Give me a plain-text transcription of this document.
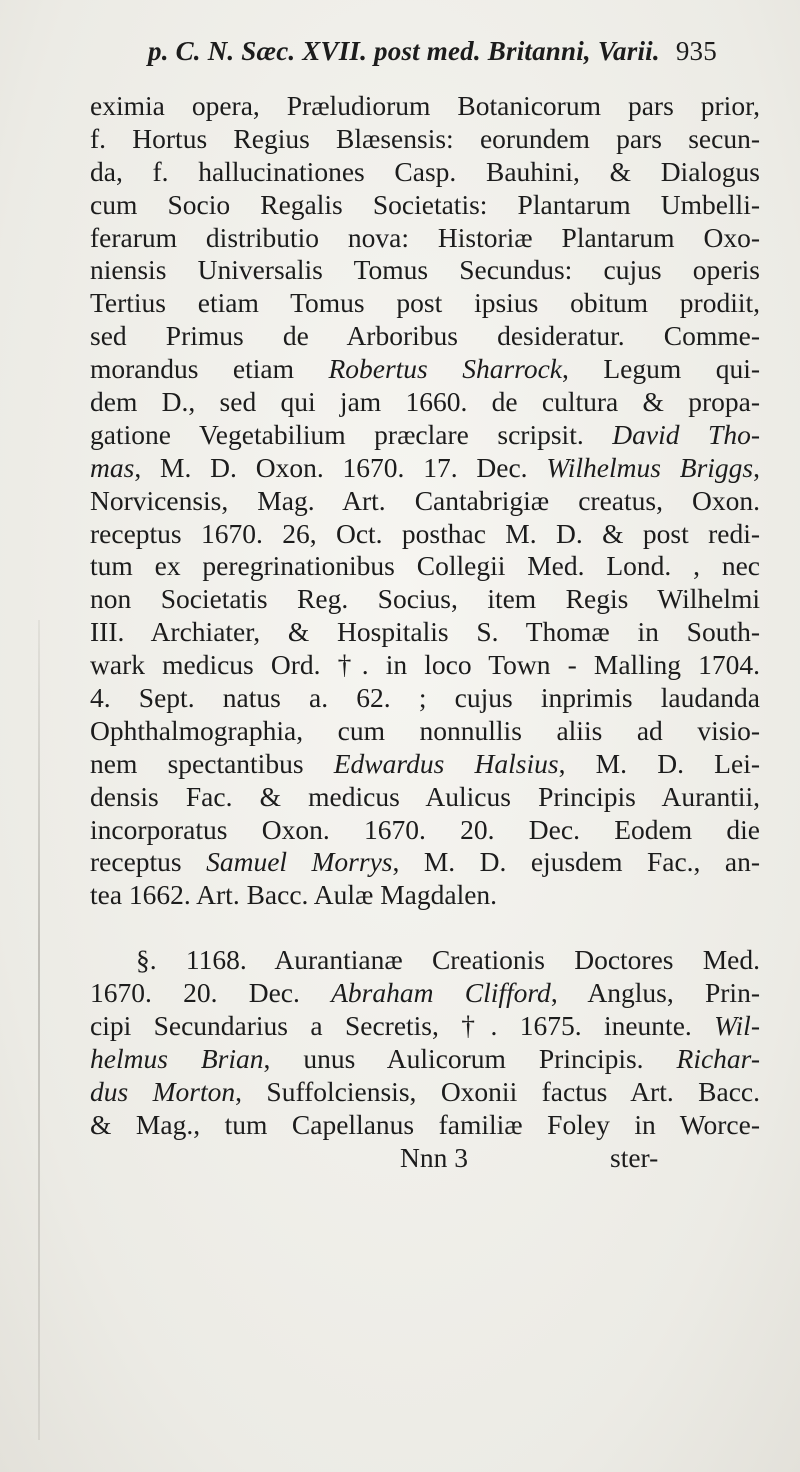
p. C. N. Sæc. XVII. post med. Britanni, Varii. 935
eximia opera, Præludiorum Botanicorum pars prior,
f. Hortus Regius Blæsensis: eorundem pars secun-
da, f. hallucinationes Casp. Bauhini, & Dialogus
cum Socio Regalis Societatis: Plantarum Umbelli-
ferarum distributio nova: Historiæ Plantarum Oxo-
niensis Universalis Tomus Secundus: cujus operis
Tertius etiam Tomus post ipsius obitum prodiit,
sed Primus de Arboribus desideratur. Comme-
morandus etiam Robertus Sharrock, Legum qui-
dem D., sed qui jam 1660. de cultura & propa-
gatione Vegetabilium præclare scripsit. David Tho-
mas, M. D. Oxon. 1670. 17. Dec. Wilhelmus Briggs,
Norvicensis, Mag. Art. Cantabrigiæ creatus, Oxon.
receptus 1670. 26, Oct. posthac M. D. & post redi-
tum ex peregrinationibus Collegii Med. Lond. , nec
non Societatis Reg. Socius, item Regis Wilhelmi
III. Archiater, & Hospitalis S. Thomæ in South-
wark medicus Ord. †. in loco Town - Malling 1704.
4. Sept. natus a. 62. ; cujus inprimis laudanda
Ophthalmographia, cum nonnullis aliis ad visio-
nem spectantibus Edwardus Halsius, M. D. Lei-
densis Fac. & medicus Aulicus Principis Aurantii,
incorporatus Oxon. 1670. 20. Dec. Eodem die
receptus Samuel Morrys, M. D. ejusdem Fac., an-
tea 1662. Art. Bacc. Aulæ Magdalen.
§. 1168. Aurantianæ Creationis Doctores Med.
1670. 20. Dec. Abraham Clifford, Anglus, Prin-
cipi Secundarius a Secretis, †. 1675. ineunte. Wil-
helmus Brian, unus Aulicorum Principis. Richar-
dus Morton, Suffolciensis, Oxonii factus Art. Bacc.
& Mag., tum Capellanus familiæ Foley in Worce-
Nnn 3	ster-
